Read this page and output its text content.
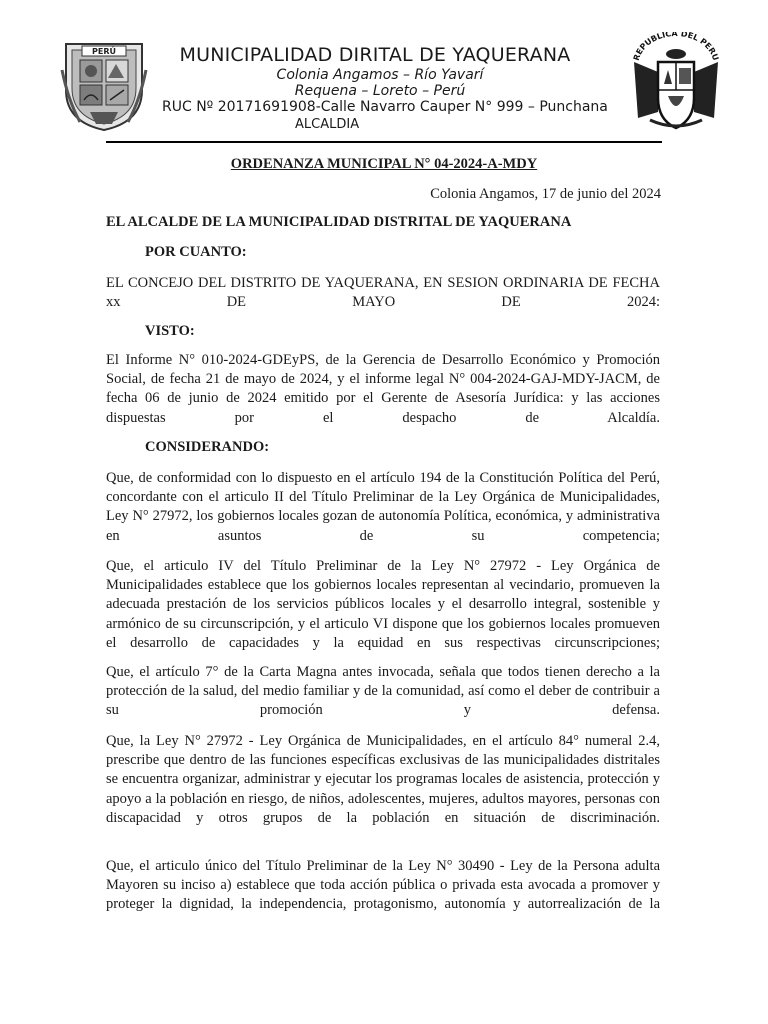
PERÚ	MUNICIPALIDAD DIRITAL DE YAQUERANA
Colonia Angamos – Río Yavarí
Requena – Loreto – Perú
RUC Nº 20171691908-Calle Navarro Cauper N° 999 – Punchana
ALCALDIA
REPUBLICA DEL PERU
ORDENANZA MUNICIPAL N° 04-2024-A-MDY
Colonia Angamos, 17 de junio del 2024
EL ALCALDE DE LA MUNICIPALIDAD DISTRITAL DE YAQUERANA
POR CUANTO:
EL CONCEJO DEL DISTRITO DE YAQUERANA, EN SESION ORDINARIA DE FECHA xx DE MAYO DE 2024:
VISTO:
El Informe N° 010-2024-GDEyPS, de la Gerencia de Desarrollo Económico y Promoción Social, de fecha 21 de mayo de 2024, y el informe legal N° 004-2024-GAJ-MDY-JACM, de fecha 06 de junio de 2024 emitido por el Gerente de Asesoría Jurídica: y las acciones dispuestas por el despacho de Alcaldía.
CONSIDERANDO:
Que, de conformidad con lo dispuesto en el artículo 194 de la Constitución Política del Perú, concordante con el articulo II del Título Preliminar de la Ley Orgánica de Municipalidades, Ley N° 27972, los gobiernos locales gozan de autonomía Política, económica, y administrativa en asuntos de su competencia;
Que, el articulo IV del Título Preliminar de la Ley N° 27972 - Ley Orgánica de Municipalidades establece que los gobiernos locales representan al vecindario, promueven la adecuada prestación de los servicios públicos locales y el desarrollo integral, sostenible y armónico de su circunscripción, y el articulo VI dispone que los gobiernos locales promueven el desarrollo de capacidades y la equidad en sus respectivas circunscripciones;
Que, el artículo 7° de la Carta Magna antes invocada, señala que todos tienen derecho a la protección de la salud, del medio familiar y de la comunidad, así como el deber de contribuir a su promoción y defensa.
Que, la Ley N° 27972 - Ley Orgánica de Municipalidades, en el artículo 84° numeral 2.4, prescribe que dentro de las funciones específicas exclusivas de las municipalidades distritales se encuentra organizar, administrar y ejecutar los programas locales de asistencia, protección y apoyo a la población en riesgo, de niños, adolescentes, mujeres, adultos mayores, personas con discapacidad y otros grupos de la población en situación de discriminación.
Que, el articulo único del Título Preliminar de la Ley N° 30490 - Ley de la Persona adulta Mayoren su inciso a) establece que toda acción pública o privada esta avocada a promover y proteger la dignidad, la independencia, protagonismo, autonomía y autorrealización de la
